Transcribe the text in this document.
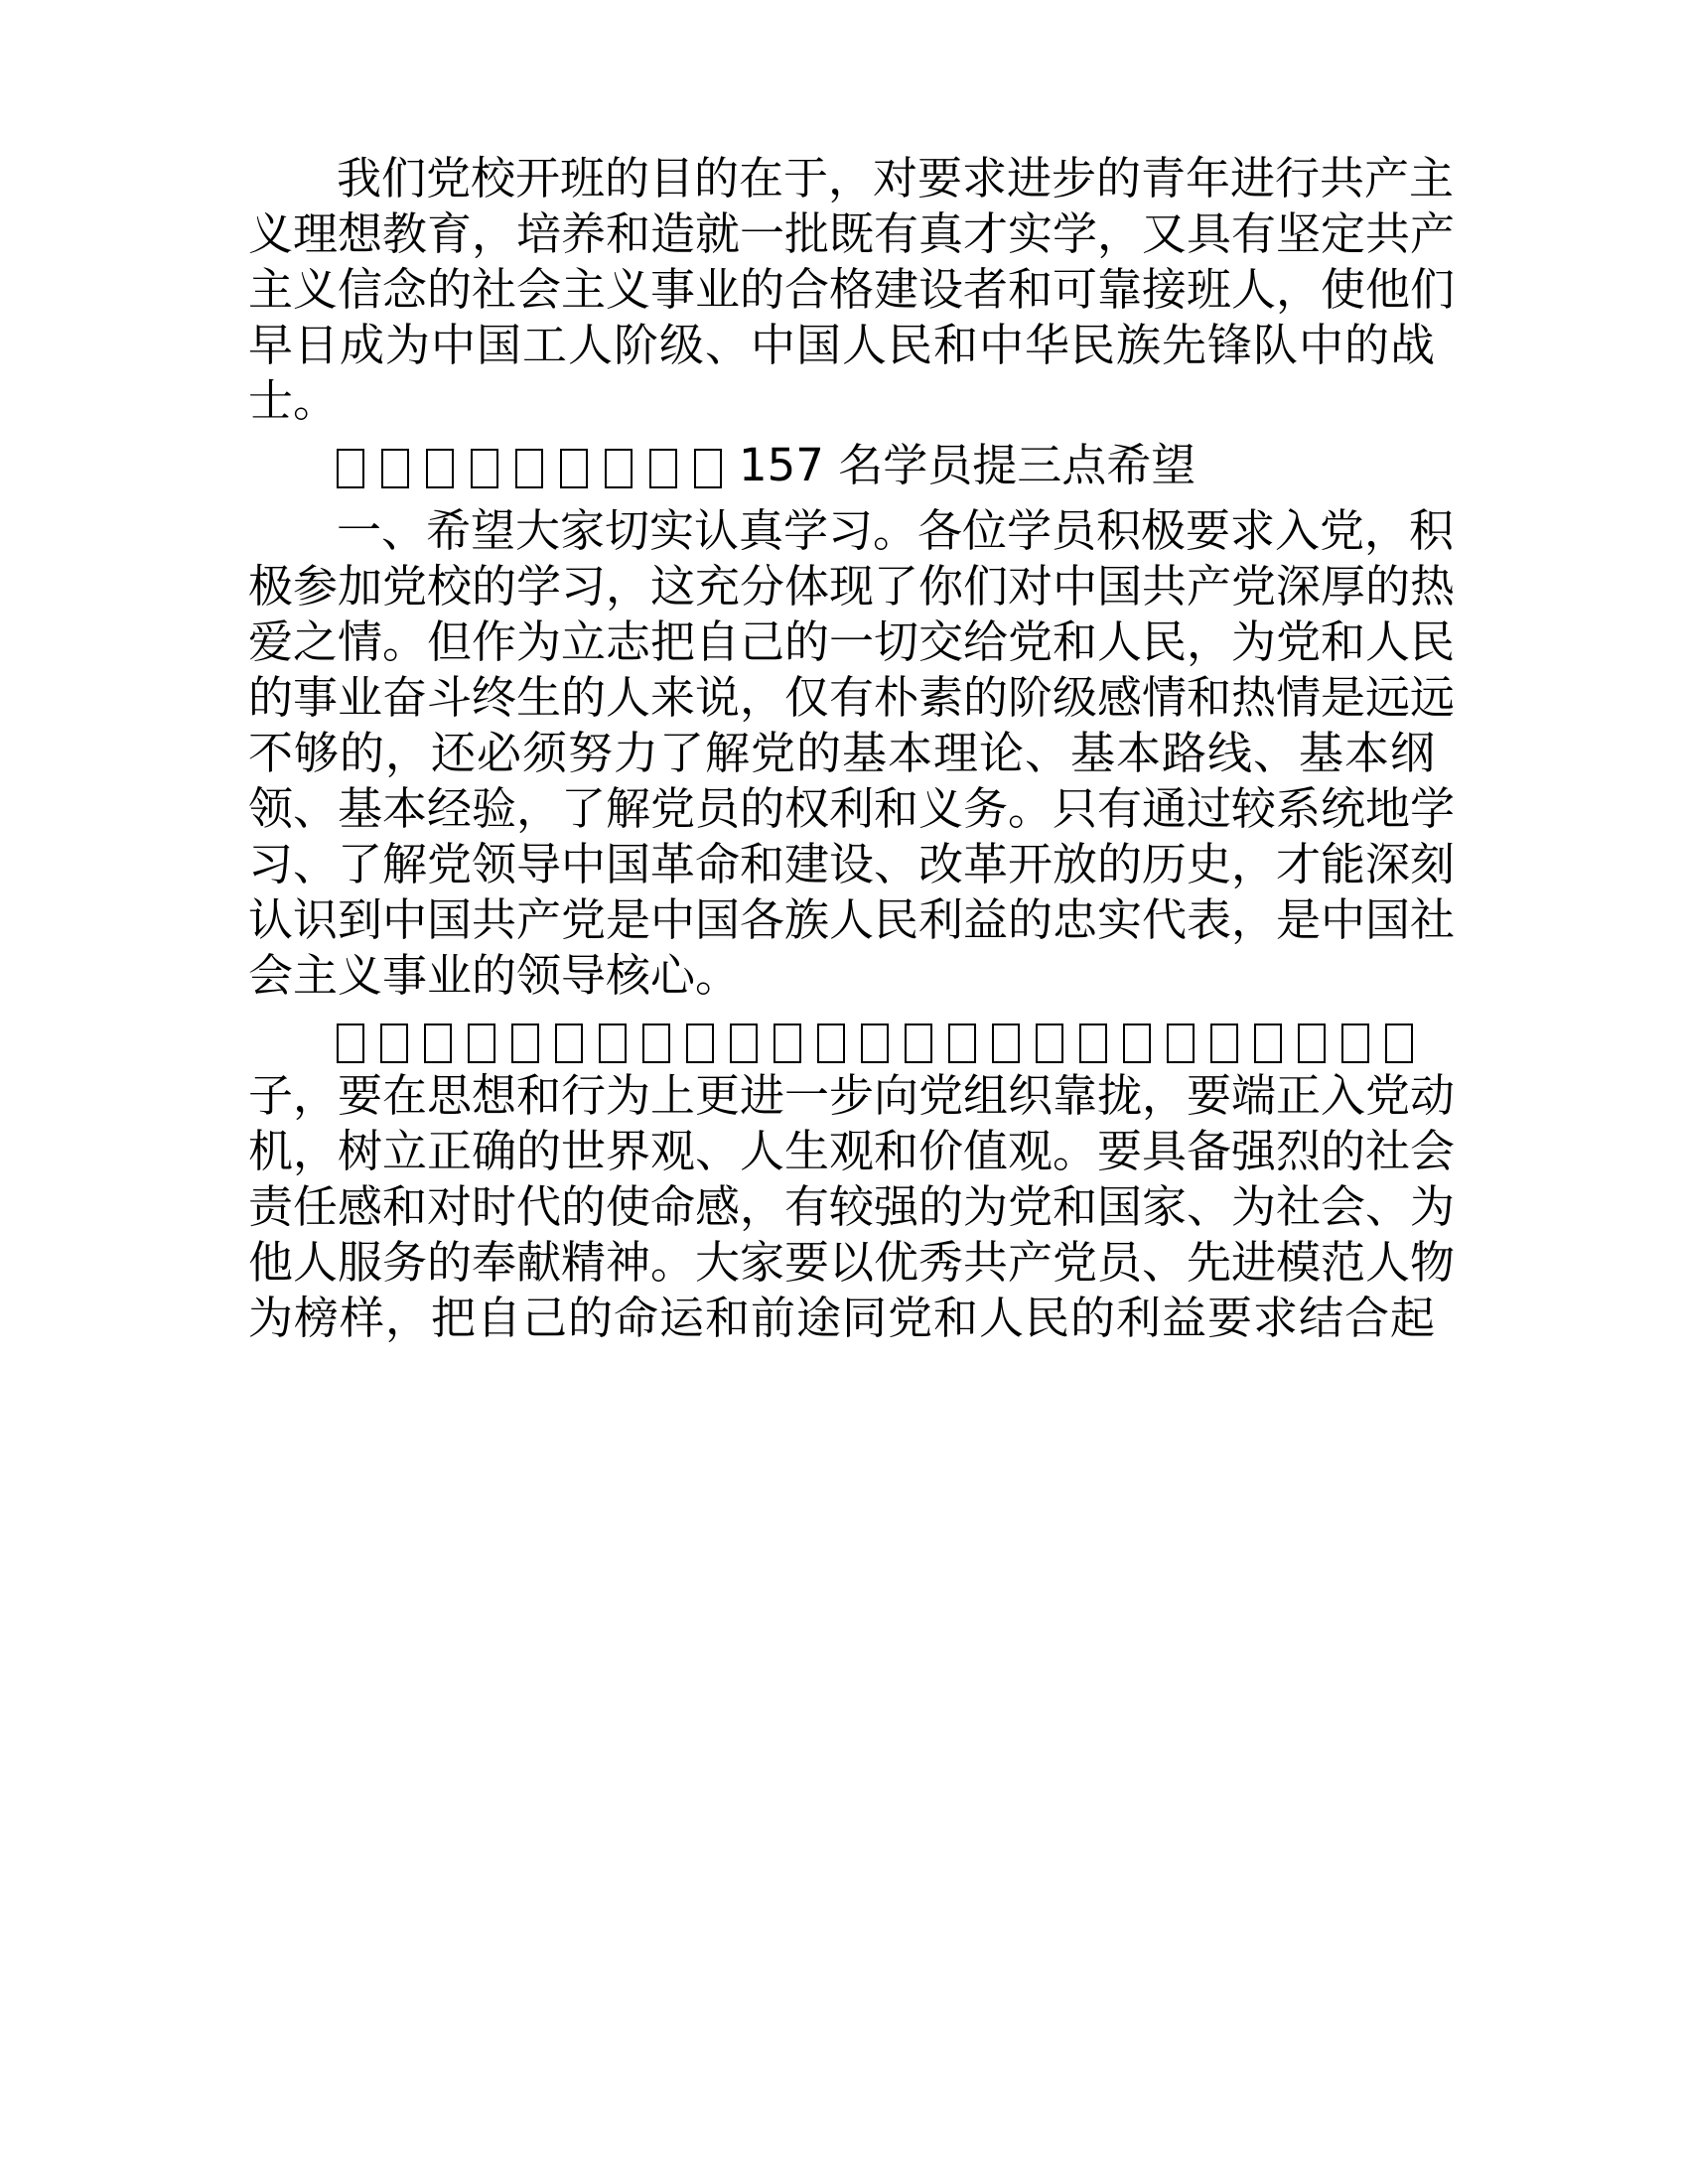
我们党校开班的目的在于，对要求进步的青年进行共产主

义理想教育，培养和造就一批既有真才实学，又具有坚定共产

主义信念的社会主义事业的合格建设者和可靠接班人，使他们

早日成为中国工人阶级、中国人民和中华民族先锋队中的战

士。

157 名学员提三点希望

一、希望大家切实认真学习。各位学员积极要求入党，积

极参加党校的学习，这充分体现了你们对中国共产党深厚的热

爱之情。但作为立志把自己的一切交给党和人民，为党和人民

的事业奋斗终生的人来说，仅有朴素的阶级感情和热情是远远

不够的，还必须努力了解党的基本理论、基本路线、基本纲

领、基本经验，了解党员的权利和义务。只有通过较系统地学

习、了解党领导中国革命和建设、改革开放的历史，才能深刻

认识到中国共产党是中国各族人民利益的忠实代表，是中国社

会主义事业的领导核心。

子，要在思想和行为上更进一步向党组织靠拢，要端正入党动

机，树立正确的世界观、人生观和价值观。要具备强烈的社会

责任感和对时代的使命感，有较强的为党和国家、为社会、为

他人服务的奉献精神。大家要以优秀共产党员、先进模范人物

为榜样，把自己的命运和前途同党和人民的利益要求结合起
